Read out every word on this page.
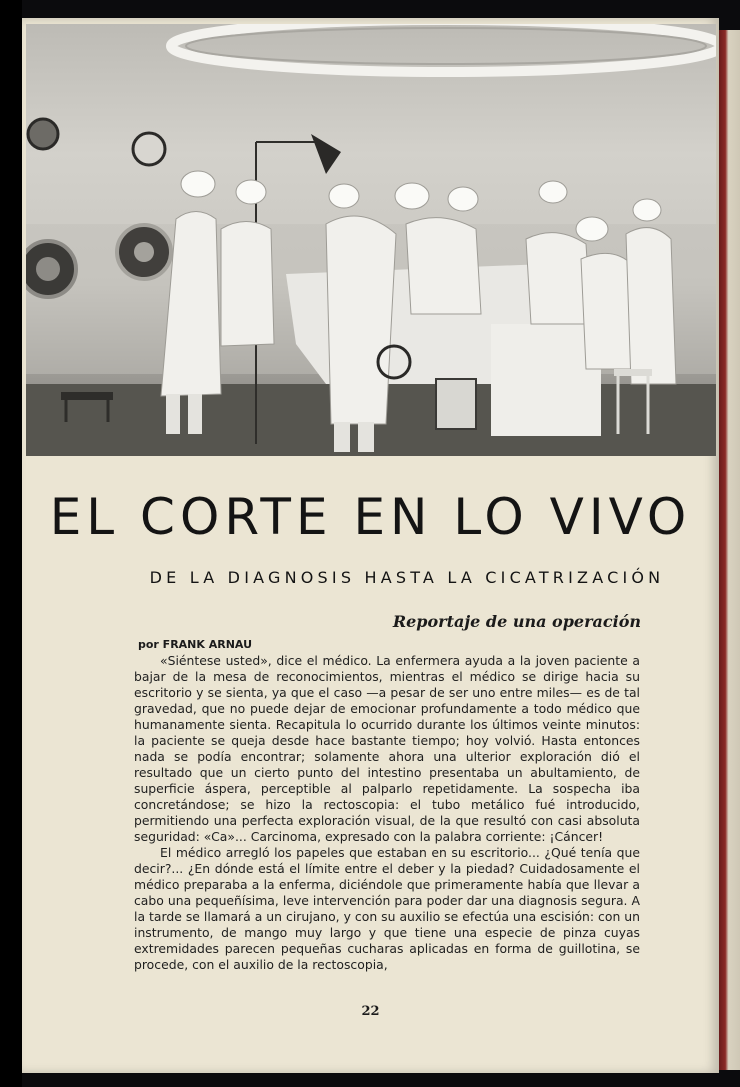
EL CORTE EN LO VIVO
DE LA DIAGNOSIS HASTA LA CICATRIZACIÓN
Reportaje de una operación
por FRANK ARNAU

«Siéntese usted», dice el médico. La enfermera ayuda a la joven paciente a bajar de la mesa de reconocimientos, mientras el médico se dirige hacia su escritorio y se sienta, ya que el caso —a pesar de ser uno entre miles— es de tal gravedad, que no puede dejar de emocionar profundamente a todo médico que humanamente sienta. Recapitula lo ocurrido durante los últimos veinte minutos: la paciente se queja desde hace bastante tiempo; hoy volvió. Hasta entonces nada se podía encontrar; solamente ahora una ulterior exploración dió el resultado que un cierto punto del intestino presentaba un abultamiento, de superficie áspera, perceptible al palparlo repetidamente. La sospecha iba concretándose; se hizo la rectoscopia: el tubo metálico fué introducido, permitiendo una perfecta exploración visual, de la que resultó con casi absoluta seguridad: «Ca»... Carcinoma, expresado con la palabra corriente: ¡Cáncer!

El médico arregló los papeles que estaban en su escritorio... ¿Qué tenía que decir?... ¿En dónde está el límite entre el deber y la piedad? Cuidadosamente el médico preparaba a la enferma, diciéndole que primeramente había que llevar a cabo una pequeñísima, leve intervención para poder dar una diagnosis segura. A la tarde se llamará a un cirujano, y con su auxilio se efectúa una escisión: con un instrumento, de mango muy largo y que tiene una especie de pinza cuyas extremidades parecen pequeñas cucharas aplicadas en forma de guillotina, se procede, con el auxilio de la rectoscopia,

22
